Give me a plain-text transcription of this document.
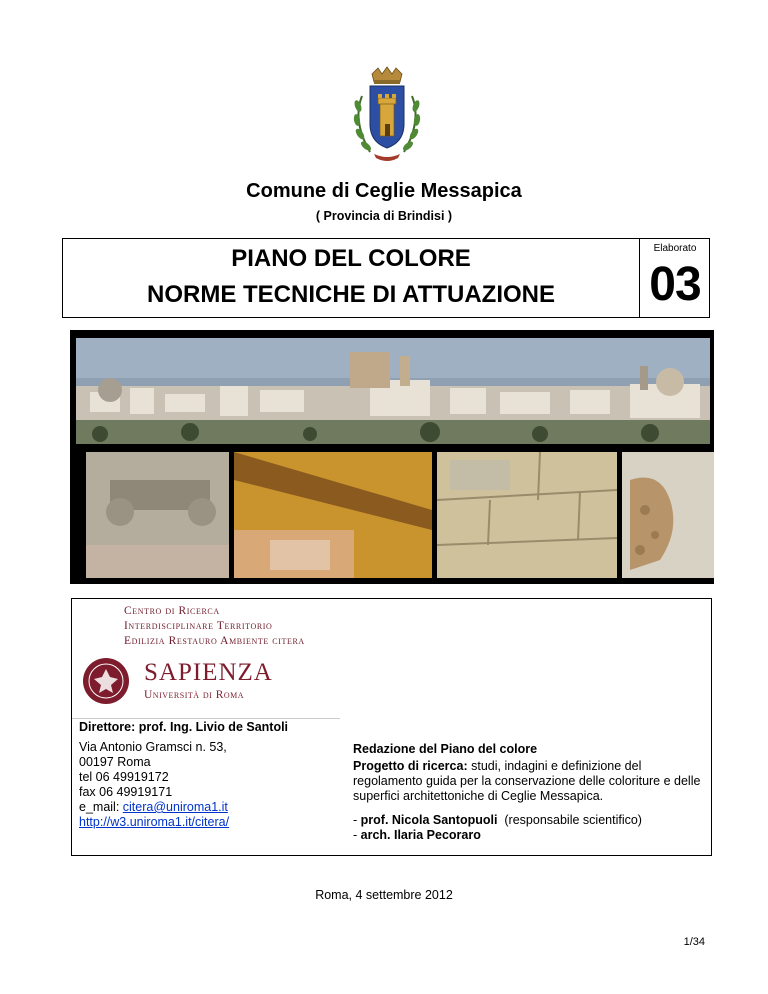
Comune di Ceglie Messapica
( Provincia di Brindisi )
PIANO DEL COLORE
NORME TECNICHE DI ATTUAZIONE
Elaborato
03
Centro di Ricerca
Interdisciplinare Territorio
Edilizia Restauro Ambiente citera
SAPIENZA
Università di Roma
Direttore: prof. Ing. Livio de Santoli
Via Antonio Gramsci n. 53,
00197 Roma
tel 06 49919172
fax 06 49919171
e_mail: citera@uniroma1.it
http://w3.uniroma1.it/citera/
Redazione del Piano del colore
Progetto di ricerca: studi, indagini e definizione del regolamento guida per la conservazione delle coloriture e delle superfici architettoniche di Ceglie Messapica.
- prof. Nicola Santopuoli  (responsabile scientifico)
- arch. Ilaria Pecoraro
Roma, 4 settembre 2012
1/34
